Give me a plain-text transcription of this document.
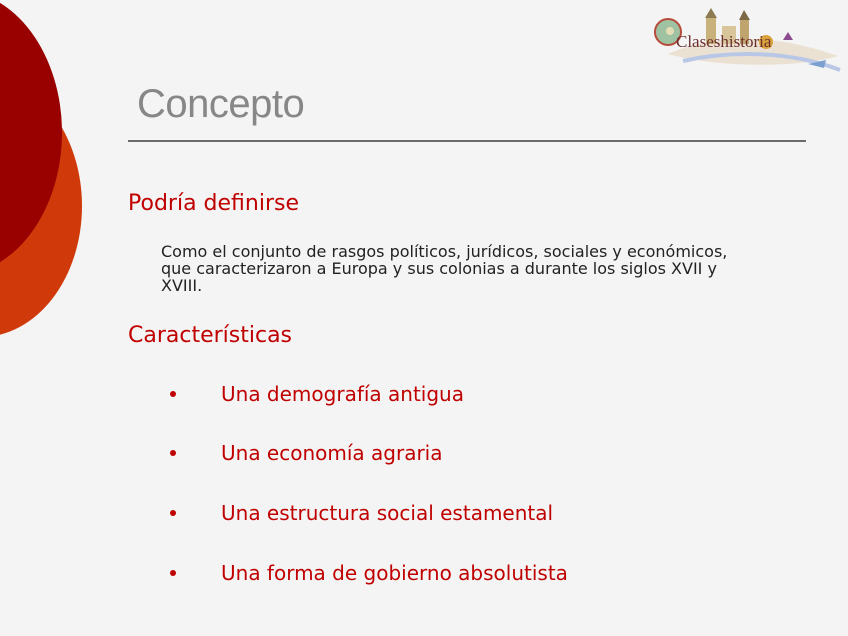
Claseshistoria
Concepto
Podría definirse
Como el conjunto de rasgos políticos, jurídicos, sociales y económicos, que caracterizaron a Europa y sus colonias a durante los siglos XVII y XVIII.
Características
Una demografía antigua
Una economía agraria
Una estructura social estamental
Una forma de gobierno absolutista
